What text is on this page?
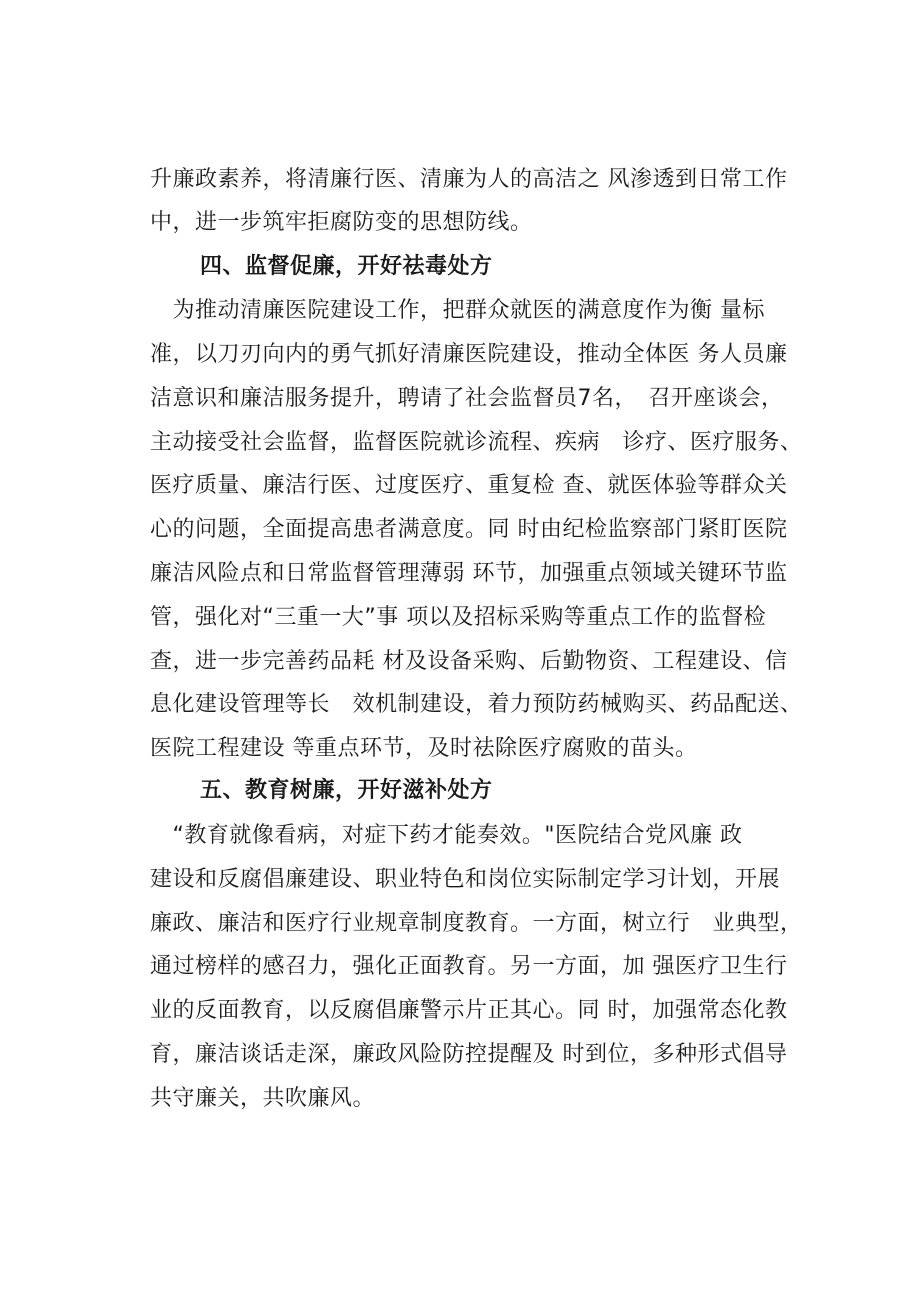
升廉政素养，将清廉行医、清廉为人的高洁之 风渗透到日常工作
中，进一步筑牢拒腐防变的思想防线。
四、监督促廉，开好祛毒处方
　为推动清廉医院建设工作，把群众就医的满意度作为衡 量标
准，以刀刃向内的勇气抓好清廉医院建设，推动全体医 务人员廉
洁意识和廉洁服务提升，聘请了社会监督员7名，　召开座谈会，
主动接受社会监督，监督医院就诊流程、疾病　诊疗、医疗服务、
医疗质量、廉洁行医、过度医疗、重复检 查、就医体验等群众关
心的问题，全面提高患者满意度。同 时由纪检监察部门紧盯医院
廉洁风险点和日常监督管理薄弱 环节，加强重点领域关键环节监
管，强化对“三重一大”事 项以及招标采购等重点工作的监督检
查，进一步完善药品耗 材及设备采购、后勤物资、工程建设、信
息化建设管理等长　效机制建设，着力预防药械购买、药品配送、
医院工程建设 等重点环节，及时祛除医疗腐败的苗头。
五、教育树廉，开好滋补处方
　“教育就像看病，对症下药才能奏效。"医院结合党风廉 政
建设和反腐倡廉建设、职业特色和岗位实际制定学习计划，开展
廉政、廉洁和医疗行业规章制度教育。一方面，树立行　业典型，
通过榜样的感召力，强化正面教育。另一方面，加 强医疗卫生行
业的反面教育，以反腐倡廉警示片正其心。同 时，加强常态化教
育，廉洁谈话走深，廉政风险防控提醒及 时到位，多种形式倡导
共守廉关，共吹廉风。
